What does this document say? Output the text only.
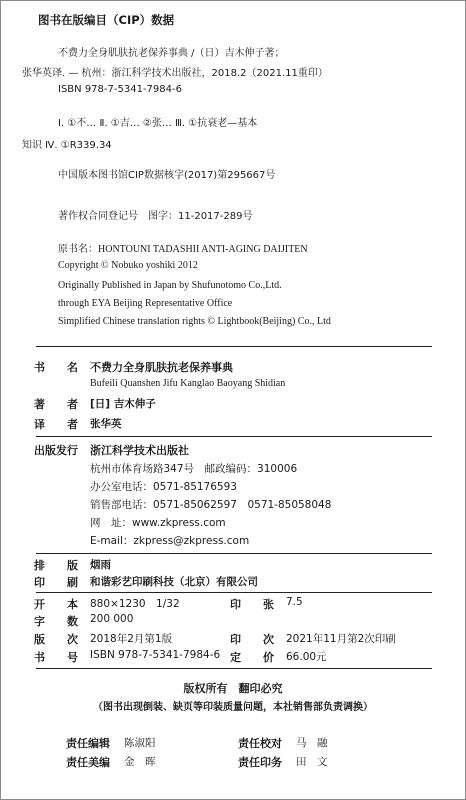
图书在版编目（CIP）数据
不费力全身肌肤抗老保养事典 /（日）吉木伸子著；
张华英译. — 杭州：浙江科学技术出版社，2018.2（2021.11重印）
ISBN 978-7-5341-7984-6
Ⅰ. ①不… Ⅱ. ①吉… ②张… Ⅲ. ①抗衰老—基本
知识 Ⅳ. ①R339.34
中国版本图书馆CIP数据核字(2017)第295667号
著作权合同登记号　图字：11-2017-289号
原书名：HONTOUNI TADASHII ANTI-AGING DAIJITEN
Copyright © Nobuko yoshiki 2012
Originally Published in Japan by Shufunotomo Co.,Ltd.
through EYA Beijing Representative Office
Simplified Chinese translation rights © Lightbook(Beijing) Co., Ltd
书　　名 不费力全身肌肤抗老保养事典
Bufeili Quanshen Jifu Kanglao Baoyang Shidian
著　　者 [日] 吉木伸子
译　　者 张华英
出版发行 浙江科学技术出版社
杭州市体育场路347号　邮政编码：310006
办公室电话：0571-85176593
销售部电话：0571-85062597　0571-85058048
网　址：www.zkpress.com
E-mail：zkpress@zkpress.com
排　　版 烟雨
印　　刷 和谐彩艺印刷科技（北京）有限公司
开　　本 880×1230　1/32	印　　张 7.5
字　　数 200 000
版　　次 2018年2月第1版	印　　次 2021年11月第2次印刷
书　　号 ISBN 978-7-5341-7984-6 定　　价 66.00元
版权所有　翻印必究
（图书出现倒装、缺页等印装质量问题，本社销售部负责调换）
责任编辑 陈淑阳	责任校对 马　融
责任美编 金　晖	责任印务 田　文
